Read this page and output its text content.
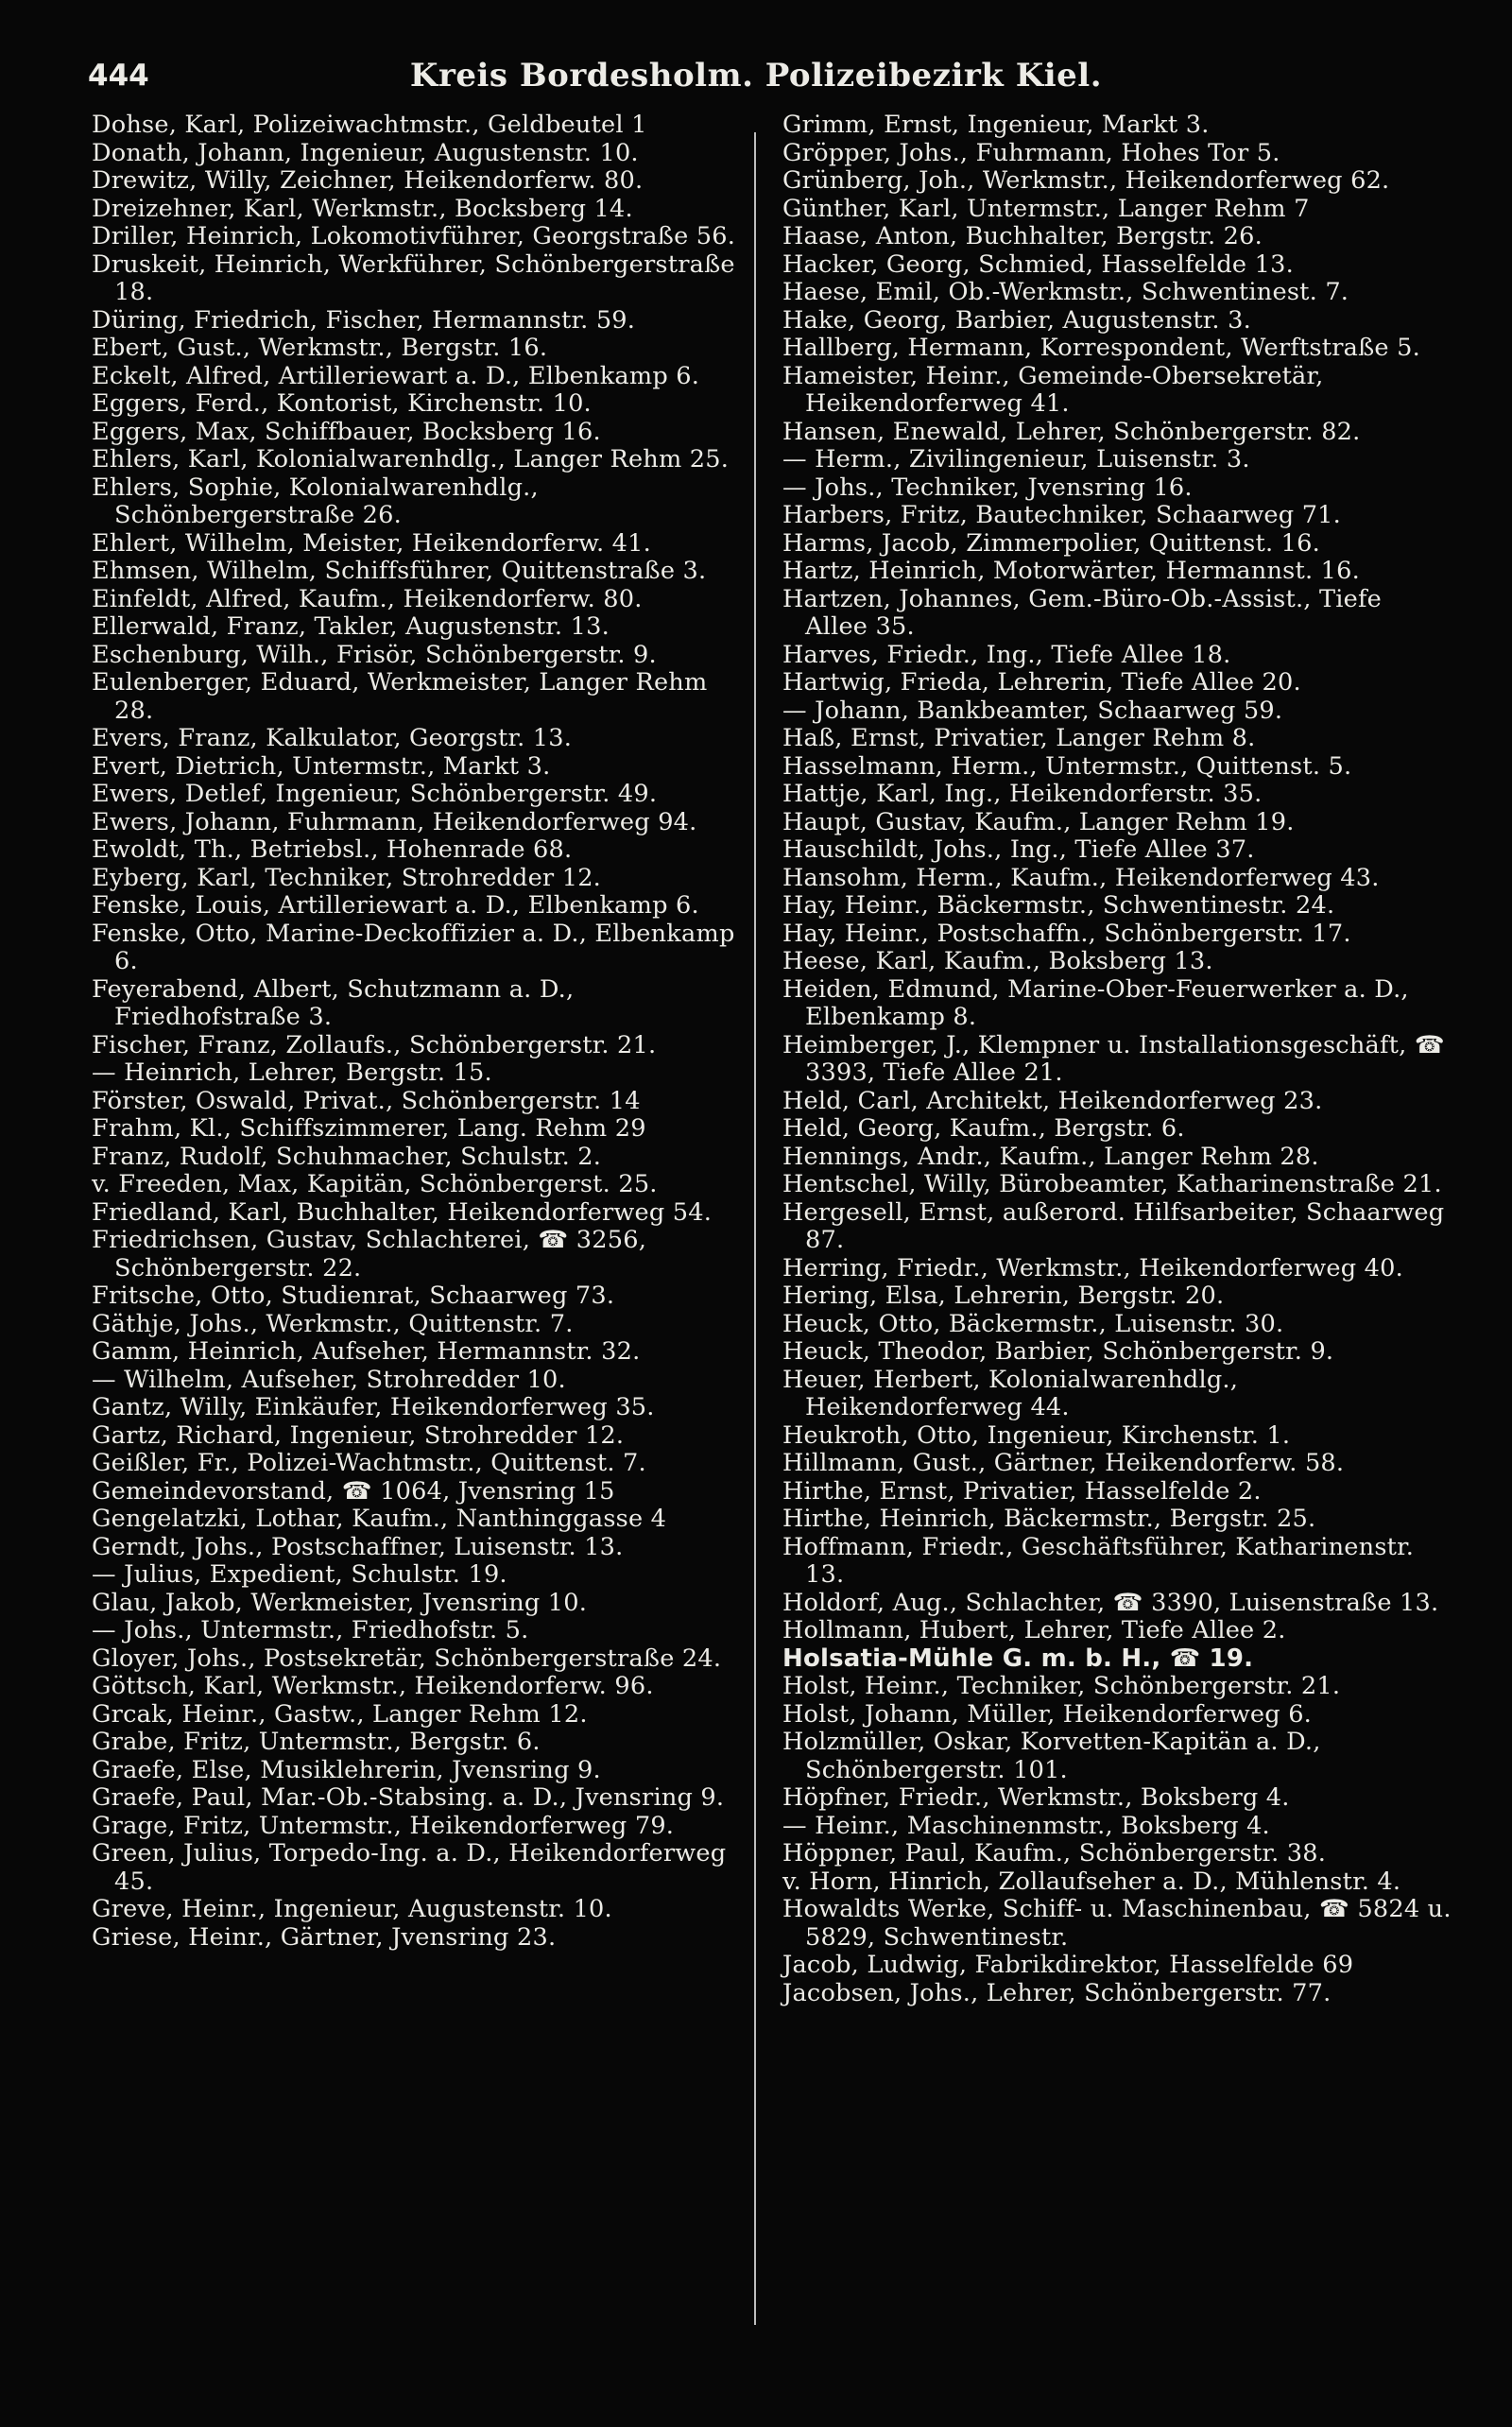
444	Kreis Bordesholm. Polizeibezirk Kiel.

Dohse, Karl, Polizeiwachtmstr., Geldbeutel 1

Donath, Johann, Ingenieur, Augustenstr. 10.

Drewitz, Willy, Zeichner, Heikendorferw. 80.

Dreizehner, Karl, Werkmstr., Bocksberg 14.

Driller, Heinrich, Lokomotivführer, Georgstraße 56.

Druskeit, Heinrich, Werkführer, Schönbergerstraße 18.

Düring, Friedrich, Fischer, Hermannstr. 59.

Ebert, Gust., Werkmstr., Bergstr. 16.

Eckelt, Alfred, Artilleriewart a. D., Elbenkamp 6.

Eggers, Ferd., Kontorist, Kirchenstr. 10.

Eggers, Max, Schiffbauer, Bocksberg 16.

Ehlers, Karl, Kolonialwarenhdlg., Langer Rehm 25.

Ehlers, Sophie, Kolonialwarenhdlg., Schönbergerstraße 26.

Ehlert, Wilhelm, Meister, Heikendorferw. 41.

Ehmsen, Wilhelm, Schiffsführer, Quittenstraße 3.

Einfeldt, Alfred, Kaufm., Heikendorferw. 80.

Ellerwald, Franz, Takler, Augustenstr. 13.

Eschenburg, Wilh., Frisör, Schönbergerstr. 9.

Eulenberger, Eduard, Werkmeister, Langer Rehm 28.

Evers, Franz, Kalkulator, Georgstr. 13.

Evert, Dietrich, Untermstr., Markt 3.

Ewers, Detlef, Ingenieur, Schönbergerstr. 49.

Ewers, Johann, Fuhrmann, Heikendorferweg 94.

Ewoldt, Th., Betriebsl., Hohenrade 68.

Eyberg, Karl, Techniker, Strohredder 12.

Fenske, Louis, Artilleriewart a. D., Elbenkamp 6.

Fenske, Otto, Marine-Deckoffizier a. D., Elbenkamp 6.

Feyerabend, Albert, Schutzmann a. D., Friedhofstraße 3.

Fischer, Franz, Zollaufs., Schönbergerstr. 21.

— Heinrich, Lehrer, Bergstr. 15.

Förster, Oswald, Privat., Schönbergerstr. 14

Frahm, Kl., Schiffszimmerer, Lang. Rehm 29

Franz, Rudolf, Schuhmacher, Schulstr. 2.

v. Freeden, Max, Kapitän, Schönbergerst. 25.

Friedland, Karl, Buchhalter, Heikendorferweg 54.

Friedrichsen, Gustav, Schlachterei, ☎ 3256, Schönbergerstr. 22.

Fritsche, Otto, Studienrat, Schaarweg 73.

Gäthje, Johs., Werkmstr., Quittenstr. 7.

Gamm, Heinrich, Aufseher, Hermannstr. 32.

— Wilhelm, Aufseher, Strohredder 10.

Gantz, Willy, Einkäufer, Heikendorferweg 35.

Gartz, Richard, Ingenieur, Strohredder 12.

Geißler, Fr., Polizei-Wachtmstr., Quittenst. 7.

Gemeindevorstand, ☎ 1064, Jvensring 15

Gengelatzki, Lothar, Kaufm., Nanthinggasse 4

Gerndt, Johs., Postschaffner, Luisenstr. 13.

— Julius, Expedient, Schulstr. 19.

Glau, Jakob, Werkmeister, Jvensring 10.

— Johs., Untermstr., Friedhofstr. 5.

Gloyer, Johs., Postsekretär, Schönbergerstraße 24.

Göttsch, Karl, Werkmstr., Heikendorferw. 96.

Grcak, Heinr., Gastw., Langer Rehm 12.

Grabe, Fritz, Untermstr., Bergstr. 6.

Graefe, Else, Musiklehrerin, Jvensring 9.

Graefe, Paul, Mar.-Ob.-Stabsing. a. D., Jvensring 9.

Grage, Fritz, Untermstr., Heikendorferweg 79.

Green, Julius, Torpedo-Ing. a. D., Heikendorferweg 45.

Greve, Heinr., Ingenieur, Augustenstr. 10.

Griese, Heinr., Gärtner, Jvensring 23.

Grimm, Ernst, Ingenieur, Markt 3.

Gröpper, Johs., Fuhrmann, Hohes Tor 5.

Grünberg, Joh., Werkmstr., Heikendorferweg 62.

Günther, Karl, Untermstr., Langer Rehm 7

Haase, Anton, Buchhalter, Bergstr. 26.

Hacker, Georg, Schmied, Hasselfelde 13.

Haese, Emil, Ob.-Werkmstr., Schwentinest. 7.

Hake, Georg, Barbier, Augustenstr. 3.

Hallberg, Hermann, Korrespondent, Werftstraße 5.

Hameister, Heinr., Gemeinde-Obersekretär, Heikendorferweg 41.

Hansen, Enewald, Lehrer, Schönbergerstr. 82.

— Herm., Zivilingenieur, Luisenstr. 3.

— Johs., Techniker, Jvensring 16.

Harbers, Fritz, Bautechniker, Schaarweg 71.

Harms, Jacob, Zimmerpolier, Quittenst. 16.

Hartz, Heinrich, Motorwärter, Hermannst. 16.

Hartzen, Johannes, Gem.-Büro-Ob.-Assist., Tiefe Allee 35.

Harves, Friedr., Ing., Tiefe Allee 18.

Hartwig, Frieda, Lehrerin, Tiefe Allee 20.

— Johann, Bankbeamter, Schaarweg 59.

Haß, Ernst, Privatier, Langer Rehm 8.

Hasselmann, Herm., Untermstr., Quittenst. 5.

Hattje, Karl, Ing., Heikendorferstr. 35.

Haupt, Gustav, Kaufm., Langer Rehm 19.

Hauschildt, Johs., Ing., Tiefe Allee 37.

Hansohm, Herm., Kaufm., Heikendorferweg 43.

Hay, Heinr., Bäckermstr., Schwentinestr. 24.

Hay, Heinr., Postschaffn., Schönbergerstr. 17.

Heese, Karl, Kaufm., Boksberg 13.

Heiden, Edmund, Marine-Ober-Feuerwerker a. D., Elbenkamp 8.

Heimberger, J., Klempner u. Installationsgeschäft, ☎ 3393, Tiefe Allee 21.

Held, Carl, Architekt, Heikendorferweg 23.

Held, Georg, Kaufm., Bergstr. 6.

Hennings, Andr., Kaufm., Langer Rehm 28.

Hentschel, Willy, Bürobeamter, Katharinenstraße 21.

Hergesell, Ernst, außerord. Hilfsarbeiter, Schaarweg 87.

Herring, Friedr., Werkmstr., Heikendorferweg 40.

Hering, Elsa, Lehrerin, Bergstr. 20.

Heuck, Otto, Bäckermstr., Luisenstr. 30.

Heuck, Theodor, Barbier, Schönbergerstr. 9.

Heuer, Herbert, Kolonialwarenhdlg., Heikendorferweg 44.

Heukroth, Otto, Ingenieur, Kirchenstr. 1.

Hillmann, Gust., Gärtner, Heikendorferw. 58.

Hirthe, Ernst, Privatier, Hasselfelde 2.

Hirthe, Heinrich, Bäckermstr., Bergstr. 25.

Hoffmann, Friedr., Geschäftsführer, Katharinenstr. 13.

Holdorf, Aug., Schlachter, ☎ 3390, Luisenstraße 13.

Hollmann, Hubert, Lehrer, Tiefe Allee 2.

Holsatia-Mühle G. m. b. H., ☎ 19.

Holst, Heinr., Techniker, Schönbergerstr. 21.

Holst, Johann, Müller, Heikendorferweg 6.

Holzmüller, Oskar, Korvetten-Kapitän a. D., Schönbergerstr. 101.

Höpfner, Friedr., Werkmstr., Boksberg 4.

— Heinr., Maschinenmstr., Boksberg 4.

Höppner, Paul, Kaufm., Schönbergerstr. 38.

v. Horn, Hinrich, Zollaufseher a. D., Mühlenstr. 4.

Howaldts Werke, Schiff- u. Maschinenbau, ☎ 5824 u. 5829, Schwentinestr.

Jacob, Ludwig, Fabrikdirektor, Hasselfelde 69

Jacobsen, Johs., Lehrer, Schönbergerstr. 77.
